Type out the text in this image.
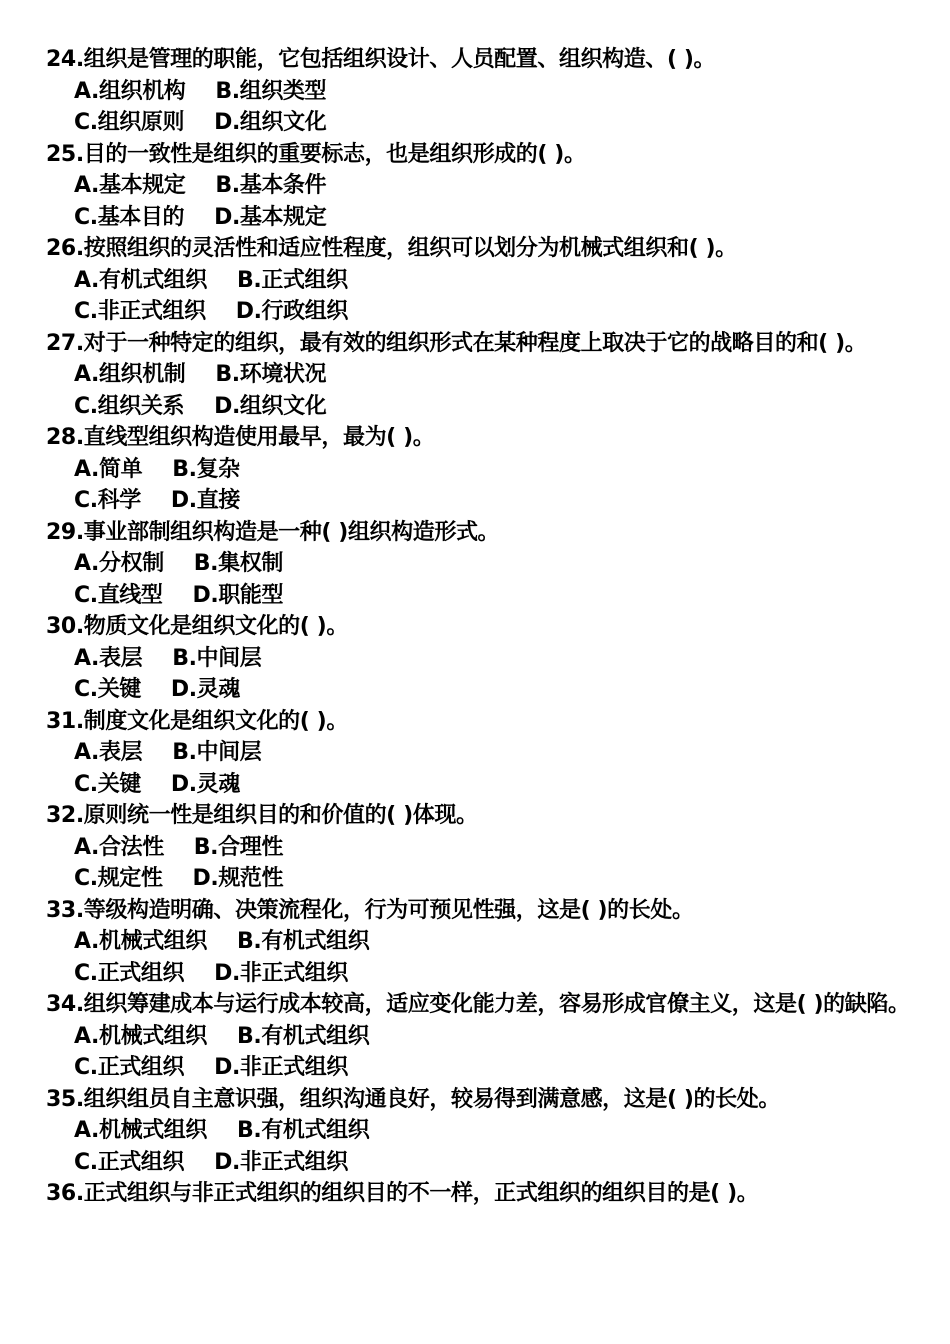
24.组织是管理的职能，它包括组织设计、人员配置、组织构造、( )。

A.组织机构 B.组织类型

C.组织原则 D.组织文化

25.目的一致性是组织的重要标志，也是组织形成的( )。

A.基本规定 B.基本条件

C.基本目的 D.基本规定

26.按照组织的灵活性和适应性程度，组织可以划分为机械式组织和( )。

A.有机式组织 B.正式组织

C.非正式组织 D.行政组织

27.对于一种特定的组织，最有效的组织形式在某种程度上取决于它的战略目的和( )。

A.组织机制 B.环境状况

C.组织关系 D.组织文化

28.直线型组织构造使用最早，最为( )。

A.简单 B.复杂

C.科学 D.直接

29.事业部制组织构造是一种( )组织构造形式。

A.分权制 B.集权制

C.直线型 D.职能型

30.物质文化是组织文化的( )。

A.表层 B.中间层

C.关键 D.灵魂

31.制度文化是组织文化的( )。

A.表层 B.中间层

C.关键 D.灵魂

32.原则统一性是组织目的和价值的( )体现。

A.合法性 B.合理性

C.规定性 D.规范性

33.等级构造明确、决策流程化，行为可预见性强，这是( )的长处。

A.机械式组织 B.有机式组织

C.正式组织 D.非正式组织

34.组织筹建成本与运行成本较高，适应变化能力差，容易形成官僚主义，这是( )的缺陷。

A.机械式组织 B.有机式组织

C.正式组织 D.非正式组织

35.组织组员自主意识强，组织沟通良好，较易得到满意感，这是( )的长处。

A.机械式组织 B.有机式组织

C.正式组织 D.非正式组织

36.正式组织与非正式组织的组织目的不一样，正式组织的组织目的是( )。
